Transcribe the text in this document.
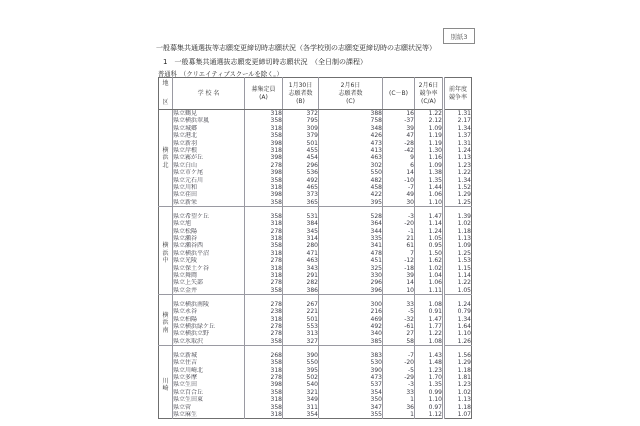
別紙3
一般募集共通選抜等志願変更締切時志願状況（各学校別の志願変更締切時の志願状況等）
1　一般募集共通選抜志願変更締切時志願状況　（全日制の課程）
普通科　（クリエイティブスクールを除く。）
地
区

学 校 名

募集定員
(A)

1月30日
志願者数
(B)

2月6日
志願者数
(C)

(C－B)

2月6日
競争率
(C/A)

前年度
競争率

横
浜
北	県立鶴見	318	372	388	16	1.22	1.31
	県立横浜翠嵐	358	795	758	-37	2.12	2.17
	県立城郷	318	309	348	39	1.09	1.34
	県立港北	358	379	426	47	1.19	1.37
	県立新羽	398	501	473	-28	1.19	1.31
	県立岸根	318	455	413	-42	1.30	1.24
	県立霧が丘	398	454	463	9	1.16	1.13
	県立白山	278	296	302	6	1.09	1.23
	県立市ケ尾	398	536	550	14	1.38	1.22
	県立元石川	358	492	482	-10	1.35	1.34
	県立川和	318	465	458	-7	1.44	1.52
	県立荏田	398	373	422	49	1.06	1.29
	県立新栄	358	365	395	30	1.10	1.25

横
浜
中	県立希望ケ丘	358	531	528	-3	1.47	1.39
	県立旭	318	384	364	-20	1.14	1.02
	県立松陽	278	345	344	-1	1.24	1.18
	県立瀬谷	318	314	335	21	1.05	1.13
	県立瀬谷西	358	280	341	61	0.95	1.09
	県立横浜平沼	318	471	478	7	1.50	1.25
	県立光陵	278	463	451	-12	1.62	1.53
	県立保土ケ谷	318	343	325	-18	1.02	1.15
	県立舞岡	318	291	330	39	1.04	1.14
	県立上矢部	278	282	296	14	1.06	1.22
	県立金井	358	386	396	10	1.11	1.05

横
浜
南	県立横浜南陵	278	267	300	33	1.08	1.24
	県立永谷	238	221	216	-5	0.91	0.79
	県立柏陽	318	501	469	-32	1.47	1.34
	県立横浜緑ケ丘	278	553	492	-61	1.77	1.64
	県立横浜立野	278	313	340	27	1.22	1.10
	県立氷取沢	358	327	385	58	1.08	1.26

川
崎	県立新城	268	390	383	-7	1.43	1.56
	県立住吉	358	550	530	-20	1.48	1.29
	県立川崎北	318	395	390	-5	1.23	1.18
	県立多摩	278	502	473	-29	1.70	1.81
	県立生田	398	540	537	-3	1.35	1.23
	県立百合丘	358	321	354	33	0.99	1.02
	県立生田東	318	349	350	1	1.10	1.13
	県立菅	358	311	347	36	0.97	1.18
	県立麻生	318	354	355	1	1.12	1.07
